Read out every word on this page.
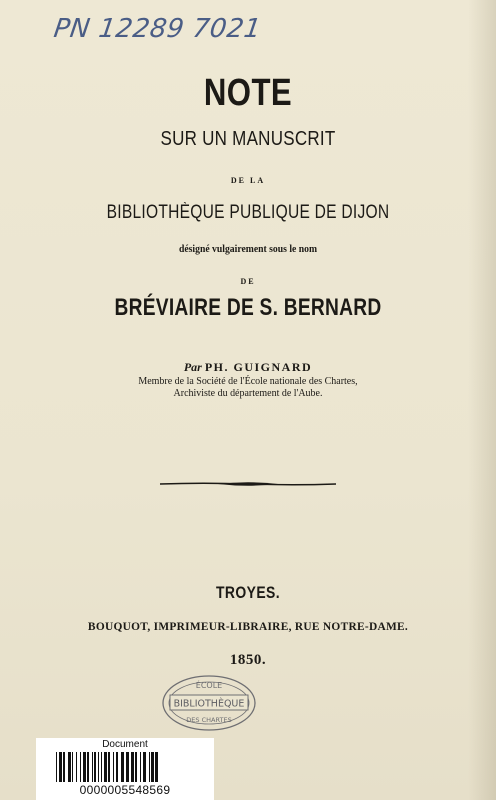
PN 12289 7021
NOTE
SUR UN MANUSCRIT
DE LA
BIBLIOTHÈQUE PUBLIQUE DE DIJON
désigné vulgairement sous le nom
DE
BRÉVIAIRE DE S. BERNARD
Par PH. GUIGNARD
Membre de la Société de l'École nationale des Chartes,
Archiviste du département de l'Aube.
TROYES.
BOUQUOT, IMPRIMEUR-LIBRAIRE, RUE NOTRE-DAME.
1850.
ÉCOLE
BIBLIOTHÈQUE
DES CHARTES
Document
0000005548569
